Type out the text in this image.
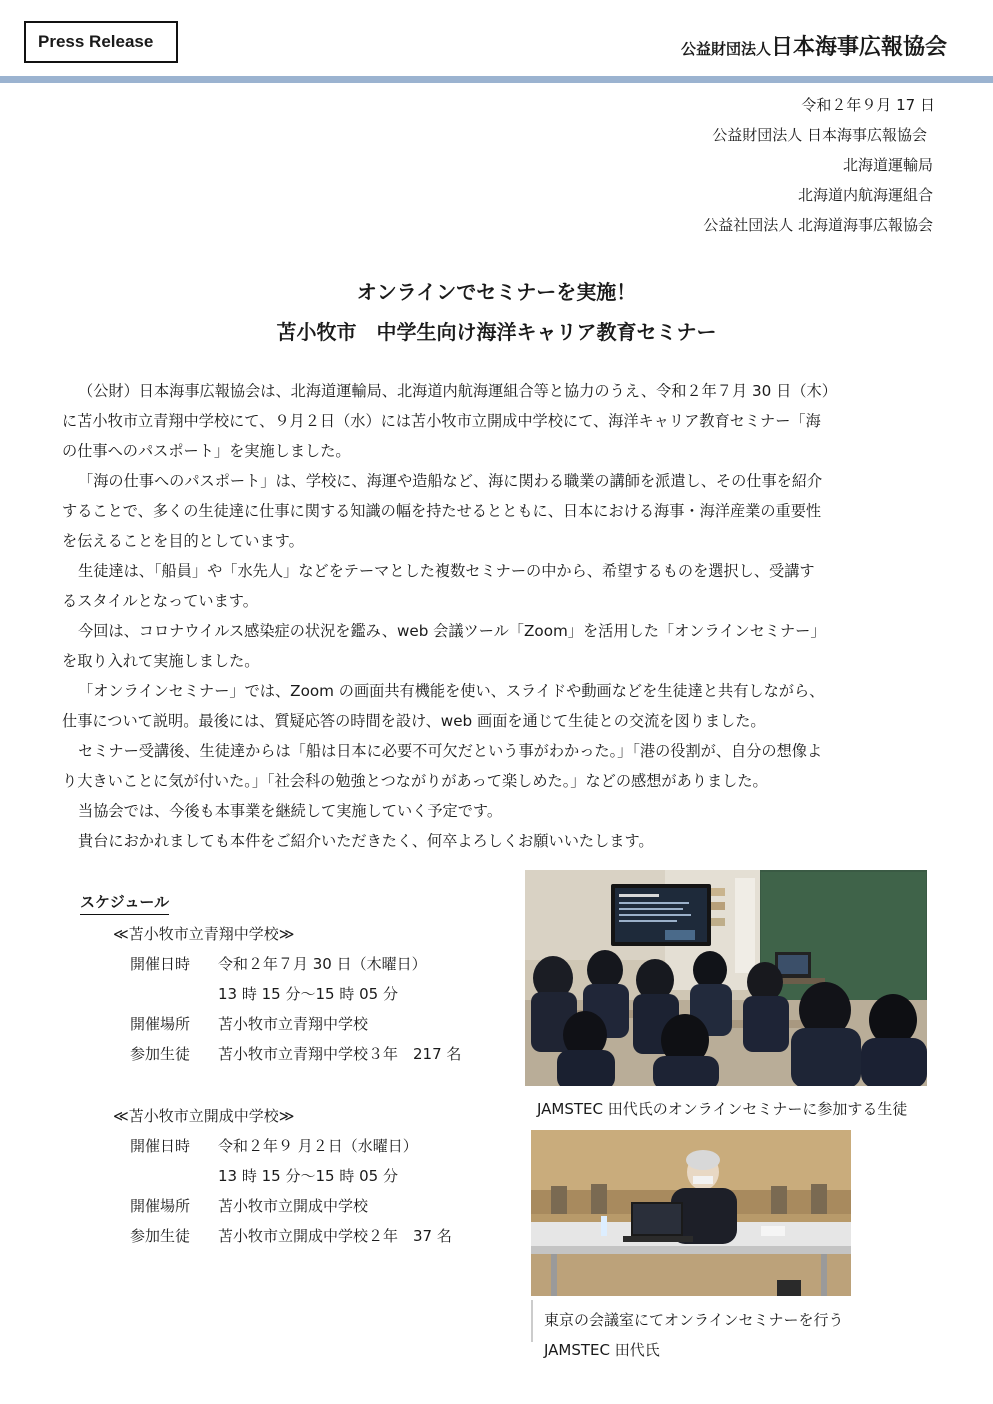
Press Release	公益財団法人日本海事広報協会
令和２年９月 17 日
公益財団法人 日本海事広報協会
北海道運輸局
北海道内航海運組合
公益社団法人 北海道海事広報協会
オンラインでセミナーを実施！
苫小牧市　中学生向け海洋キャリア教育セミナー
（公財）日本海事広報協会は、北海道運輸局、北海道内航海運組合等と協力のうえ、令和２年７月 30 日（木）
に苫小牧市立青翔中学校にて、９月２日（水）には苫小牧市立開成中学校にて、海洋キャリア教育セミナー「海
の仕事へのパスポート」を実施しました。
「海の仕事へのパスポート」は、学校に、海運や造船など、海に関わる職業の講師を派遣し、その仕事を紹介
することで、多くの生徒達に仕事に関する知識の幅を持たせるとともに、日本における海事・海洋産業の重要性
を伝えることを目的としています。
生徒達は、「船員」や「水先人」などをテーマとした複数セミナーの中から、希望するものを選択し、受講す
るスタイルとなっています。
今回は、コロナウイルス感染症の状況を鑑み、web 会議ツール「Zoom」を活用した「オンラインセミナー」
を取り入れて実施しました。
「オンラインセミナー」では、Zoom の画面共有機能を使い、スライドや動画などを生徒達と共有しながら、
仕事について説明。最後には、質疑応答の時間を設け、web 画面を通じて生徒との交流を図りました。
セミナー受講後、生徒達からは「船は日本に必要不可欠だという事がわかった。」「港の役割が、自分の想像よ
り大きいことに気が付いた。」「社会科の勉強とつながりがあって楽しめた。」などの感想がありました。
当協会では、今後も本事業を継続して実施していく予定です。
貴台におかれましても本件をご紹介いただきたく、何卒よろしくお願いいたします。
スケジュール
≪苫小牧市立青翔中学校≫
開催日時 令和２年７月 30 日（木曜日）
13 時 15 分～15 時 05 分
開催場所 苫小牧市立青翔中学校
参加生徒 苫小牧市立青翔中学校３年　217 名
≪苫小牧市立開成中学校≫
開催日時 令和２年９ 月２日（水曜日）
13 時 15 分～15 時 05 分
開催場所 苫小牧市立開成中学校
参加生徒 苫小牧市立開成中学校２年　37 名
JAMSTEC 田代氏のオンラインセミナーに参加する生徒
東京の会議室にてオンラインセミナーを行う
JAMSTEC 田代氏
